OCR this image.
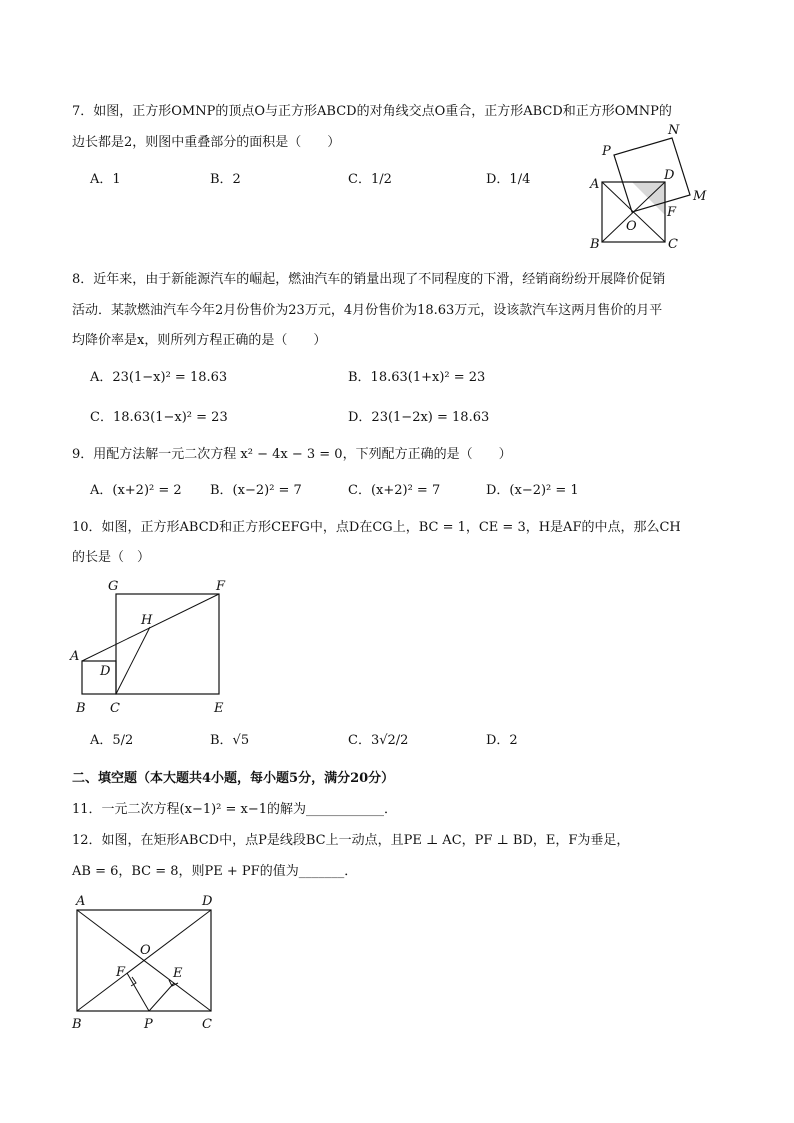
7．如图，正方形OMNP的顶点O与正方形ABCD的对角线交点O重合，正方形ABCD和正方形OMNP的
边长都是2，则图中重叠部分的面积是（　　）
A．1	B．2	C．1/2	D．1/4
P
N
A
D
M
F
O
B	C
8．近年来，由于新能源汽车的崛起，燃油汽车的销量出现了不同程度的下滑，经销商纷纷开展降价促销
活动．某款燃油汽车今年2月份售价为23万元，4月份售价为18.63万元，设该款汽车这两月售价的月平
均降价率是x，则所列方程正确的是（　　）
A．23(1−x)² = 18.63	B．18.63(1+x)² = 23
C．18.63(1−x)² = 23	D．23(1−2x) = 18.63
9．用配方法解一元二次方程 x² − 4x − 3 = 0，下列配方正确的是（　　）
A．(x+2)² = 2 B．(x−2)² = 7	C．(x+2)² = 7	D．(x−2)² = 1
10．如图，正方形ABCD和正方形CEFG中，点D在CG上，BC = 1，CE = 3，H是AF的中点，那么CH
的长是（　）
G	F
H
A
D
B C	E
A．5/2	B．√5	C．3√2/2	D．2
二、填空题（本大题共4小题，每小题5分，满分20分）
11．一元二次方程(x−1)² = x−1的解为____________．
12．如图，在矩形ABCD中，点P是线段BC上一动点，且PE ⊥ AC，PF ⊥ BD，E，F为垂足，
AB = 6，BC = 8，则PE + PF的值为_______．
A	D
O
F	E
B	P	C
